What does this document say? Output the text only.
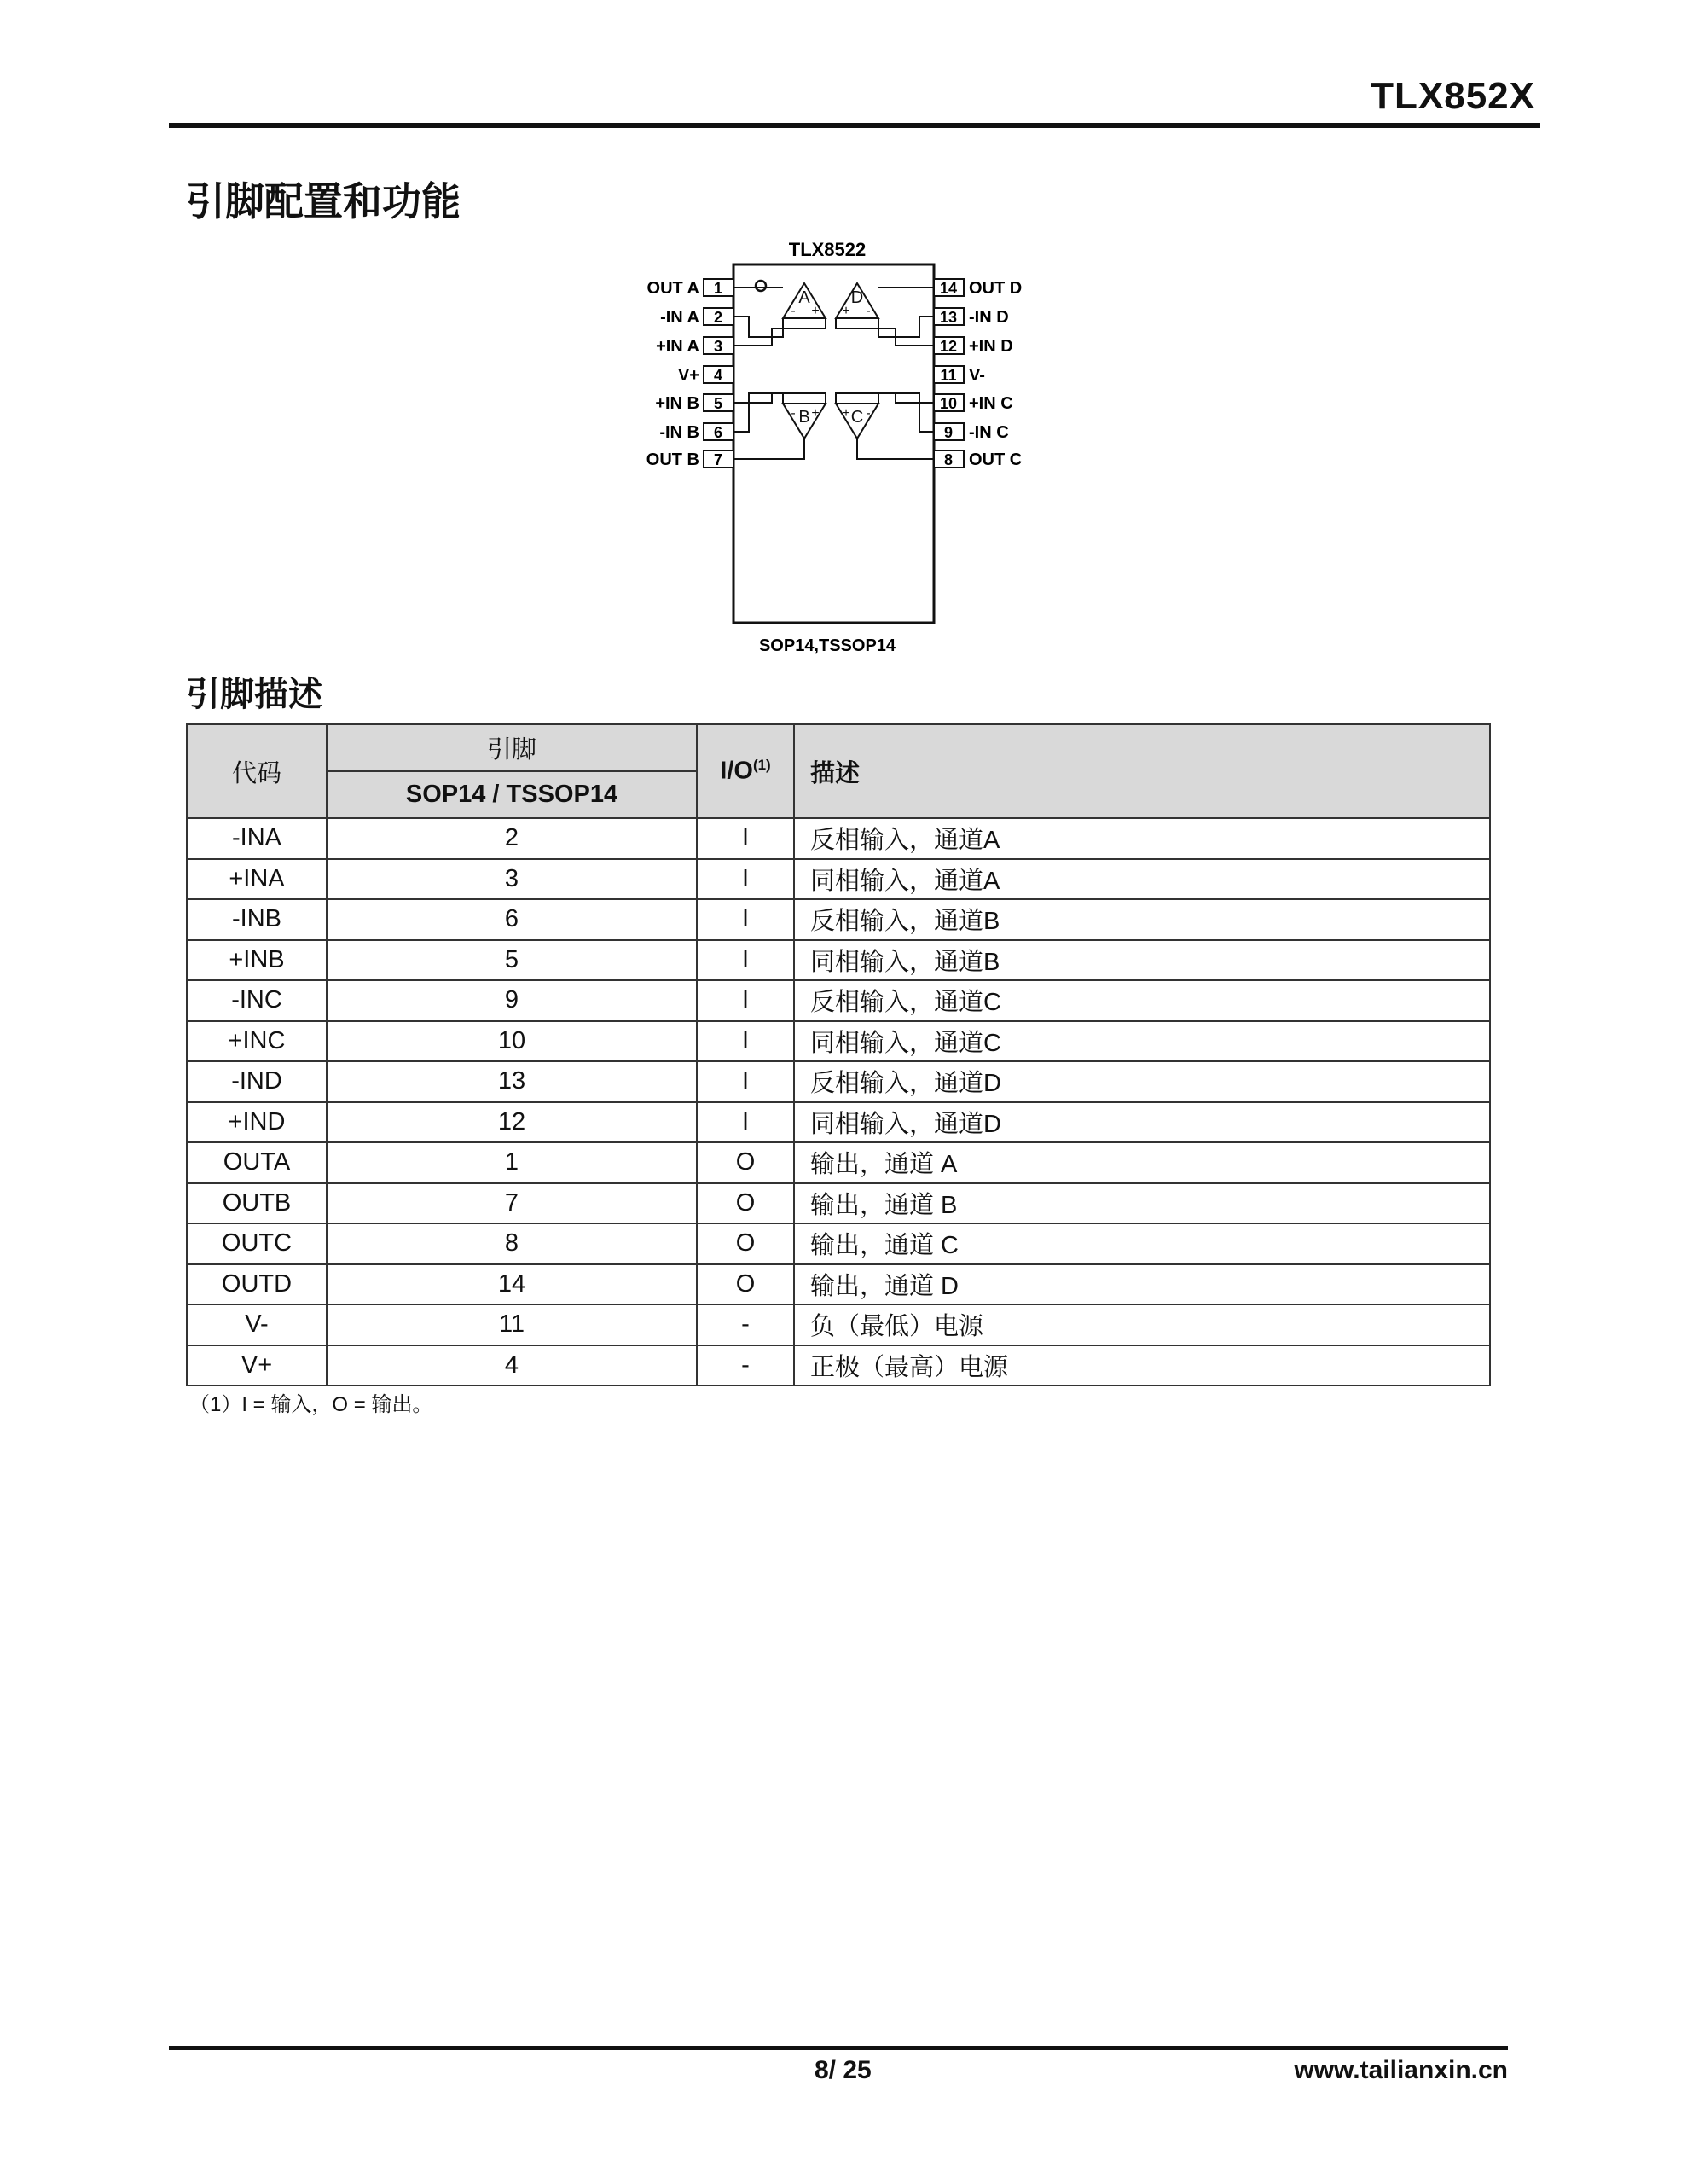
TLX852X
引脚配置和功能
TLX8522
1
OUT A
2
-IN A
3
+IN A
4
V+
5
+IN B
6
-IN B
7
OUT B
14 OUT D
13 -IN D
12 +IN D
11 V-
10 +IN C
9 -IN C
8 OUT C
A
- +
D
+ -
B
- + C
+ -
SOP14,TSSOP14
引脚描述
代码	引脚	$I/O^{(1)}$	描述
	SOP14 / TSSOP14		
-INA	2	I	反相输入，通道A
+INA	3	I	同相输入，通道A
-INB	6	I	反相输入，通道B
+INB	5	I	同相输入，通道B
-INC	9	I	反相输入，通道C
+INC	10	I	同相输入，通道C
-IND	13	I	反相输入，通道D
+IND	12	I	同相输入，通道D
OUTA	1	O	输出，通道 A
OUTB	7	O	输出，通道 B
OUTC	8	O	输出，通道 C
OUTD	14	O	输出，通道 D
V-	11	-	负（最低）电源
V+	4	-	正极（最高）电源
（1）I = 输入，O = 输出。
8/ 25	www.tailianxin.cn
